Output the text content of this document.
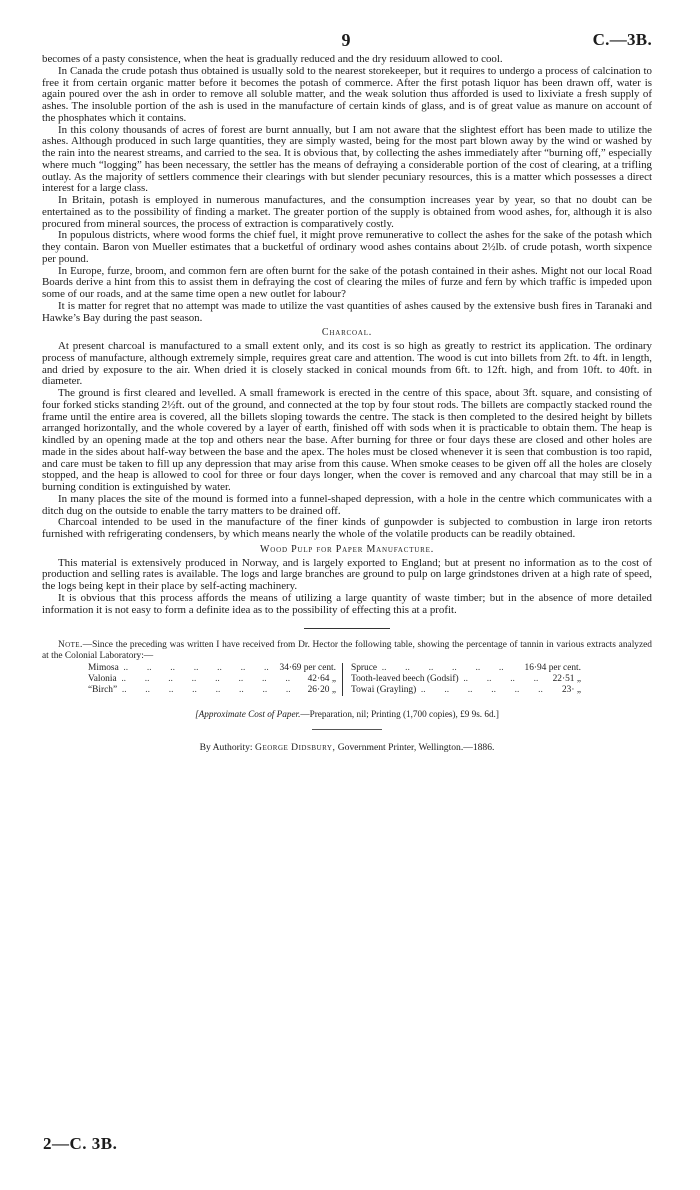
9	C.—3B.

becomes of a pasty consistence, when the heat is gradually reduced and the dry residuum allowed to cool.

In Canada the crude potash thus obtained is usually sold to the nearest storekeeper, but it requires to undergo a process of calcination to free it from certain organic matter before it becomes the potash of commerce. After the first potash liquor has been drawn off, water is again poured over the ash in order to remove all soluble matter, and the weak solution thus afforded is used to lixiviate a fresh supply of ashes. The insoluble portion of the ash is used in the manufacture of certain kinds of glass, and is of great value as manure on account of the phosphates which it contains.

In this colony thousands of acres of forest are burnt annually, but I am not aware that the slightest effort has been made to utilize the ashes. Although produced in such large quantities, they are simply wasted, being for the most part blown away by the wind or washed by the rain into the nearest streams, and carried to the sea. It is obvious that, by collecting the ashes immediately after “burning off,” especially where much “logging” has been necessary, the settler has the means of defraying a considerable portion of the cost of clearing, at a trifling outlay. As the majority of settlers commence their clearings with but slender pecuniary resources, this is a matter which possesses a direct interest for a large class.

In Britain, potash is employed in numerous manufactures, and the consumption increases year by year, so that no doubt can be entertained as to the possibility of finding a market. The greater portion of the supply is obtained from wood ashes, for, although it is also procured from mineral sources, the process of extraction is comparatively costly.

In populous districts, where wood forms the chief fuel, it might prove remunerative to collect the ashes for the sake of the potash which they contain. Baron von Mueller estimates that a bucketful of ordinary wood ashes contains about 2½lb. of crude potash, worth sixpence per pound.

In Europe, furze, broom, and common fern are often burnt for the sake of the potash contained in their ashes. Might not our local Road Boards derive a hint from this to assist them in defraying the cost of clearing the miles of furze and fern by which traffic is impeded upon some of our roads, and at the same time open a new outlet for labour?

It is matter for regret that no attempt was made to utilize the vast quantities of ashes caused by the extensive bush fires in Taranaki and Hawke’s Bay during the past season.

Charcoal.

At present charcoal is manufactured to a small extent only, and its cost is so high as greatly to restrict its application. The ordinary process of manufacture, although extremely simple, requires great care and attention. The wood is cut into billets from 2ft. to 4ft. in length, and dried by exposure to the air. When dried it is closely stacked in conical mounds from 6ft. to 12ft. high, and from 10ft. to 40ft. in diameter.

The ground is first cleared and levelled. A small framework is erected in the centre of this space, about 3ft. square, and consisting of four forked sticks standing 2½ft. out of the ground, and connected at the top by four stout rods. The billets are compactly stacked round the frame until the entire area is covered, all the billets sloping towards the centre. The stack is then completed to the desired height by billets arranged horizontally, and the whole covered by a layer of earth, finished off with sods when it is practicable to obtain them. The heap is kindled by an opening made at the top and others near the base. After burning for three or four days these are closed and other holes are made in the sides about half-way between the base and the apex. The holes must be closed whenever it is seen that combustion is too rapid, and care must be taken to fill up any depression that may arise from this cause. When smoke ceases to be given off all the holes are closely stopped, and the heap is allowed to cool for three or four days longer, when the cover is removed and any charcoal that may still be in a burning condition is extinguished by water.

In many places the site of the mound is formed into a funnel-shaped depression, with a hole in the centre which communicates with a ditch dug on the outside to enable the tarry matters to be drained off.

Charcoal intended to be used in the manufacture of the finer kinds of gunpowder is subjected to combustion in large iron retorts furnished with refrigerating condensers, by which means nearly the whole of the volatile products can be readily obtained.

Wood Pulp for Paper Manufacture.

This material is extensively produced in Norway, and is largely exported to England; but at present no information as to the cost of production and selling rates is available. The logs and large branches are ground to pulp on large grindstones driven at a high rate of speed, the logs being kept in their place by self-acting machinery.

It is obvious that this process affords the means of utilizing a large quantity of waste timber; but in the absence of more detailed information it is not easy to form a definite idea as to the possibility of effecting this at a profit.

Note.—Since the preceding was written I have received from Dr. Hector the following table, showing the percentage of tannin in various extracts analyzed at the Colonial Laboratory:—
Mimosa ..	34·69 per cent.
Valonia ..	42·64 „
“Birch” ..	26·20 „
Spruce ..	16·94 per cent.
Tooth-leaved beech (Godsif) ..	22·51 „
Towai (Grayling) ..	23· „
[Approximate Cost of Paper.—Preparation, nil; Printing (1,700 copies), £9 9s. 6d.]
By Authority: George Didsbury, Government Printer, Wellington.—1886.
2—C. 3B.
